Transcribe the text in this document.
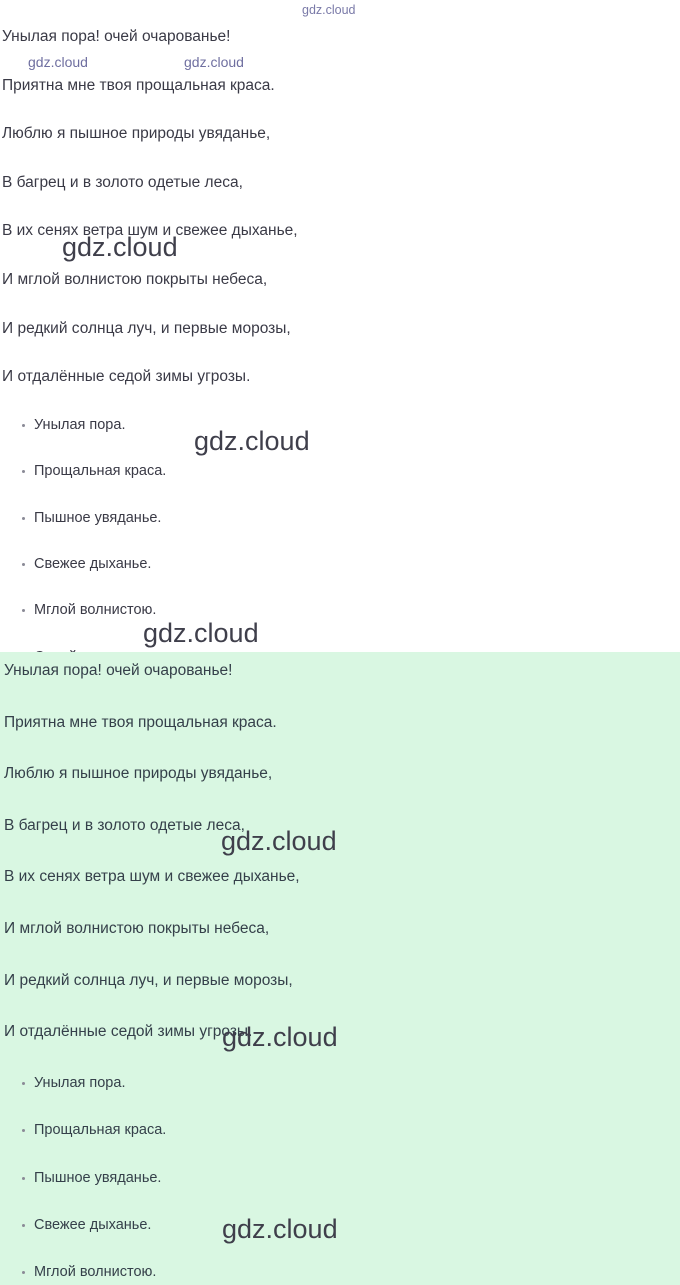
Унылая пора! очей очарованье!
Приятна мне твоя прощальная краса.
Люблю я пышное природы увяданье,
В багрец и в золото одетые леса,
В их сенях ветра шум и свежее дыханье,
И мглой волнистою покрыты небеса,
И редкий солнца луч, и первые морозы,
И отдалённые седой зимы угрозы.
Унылая пора.
Прощальная краса.
Пышное увяданье.
Свежее дыханье.
Мглой волнистою.
Унылая пора! очей очарованье!
Приятна мне твоя прощальная краса.
Люблю я пышное природы увяданье,
В багрец и в золото одетые леса,
В их сенях ветра шум и свежее дыханье,
И мглой волнистою покрыты небеса,
И редкий солнца луч, и первые морозы,
И отдалённые седой зимы угрозы.
Унылая пора.
Прощальная краса.
Пышное увяданье.
Свежее дыханье.
Мглой волнистою.
gdz.cloud
gdz.cloud	gdz.cloud
gdz.cloud
gdz.cloud
gdz.cloud
gdz.cloud
gdz.cloud
gdz.cloud
